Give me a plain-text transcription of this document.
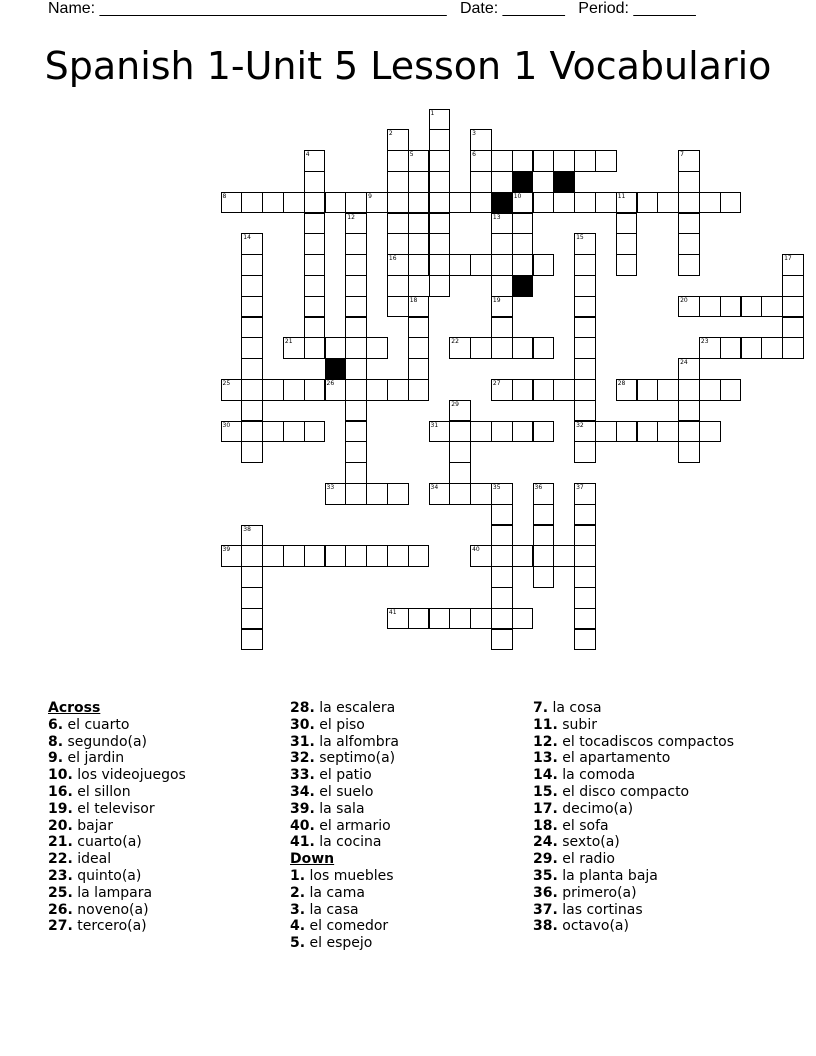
Name: _______________________________________ Date: _______ Period: _______
Spanish 1-Unit 5 Lesson 1 Vocabulario
1
2
16
3
6
4	5	7
8	9	10	11
12	13
19
14	15
32
17
18	20
21	22	23
24
25	26	27	28
29
30	31
33	34	35	36	37
38
39	40
41
Across
6. el cuarto
8. segundo(a)
9. el jardin
10. los videojuegos
16. el sillon
19. el televisor
20. bajar
21. cuarto(a)
22. ideal
23. quinto(a)
25. la lampara
26. noveno(a)
27. tercero(a)
28. la escalera
30. el piso
31. la alfombra
32. septimo(a)
33. el patio
34. el suelo
39. la sala
40. el armario
41. la cocina
Down
1. los muebles
2. la cama
3. la casa
4. el comedor
5. el espejo
7. la cosa
11. subir
12. el tocadiscos compactos
13. el apartamento
14. la comoda
15. el disco compacto
17. decimo(a)
18. el sofa
24. sexto(a)
29. el radio
35. la planta baja
36. primero(a)
37. las cortinas
38. octavo(a)
